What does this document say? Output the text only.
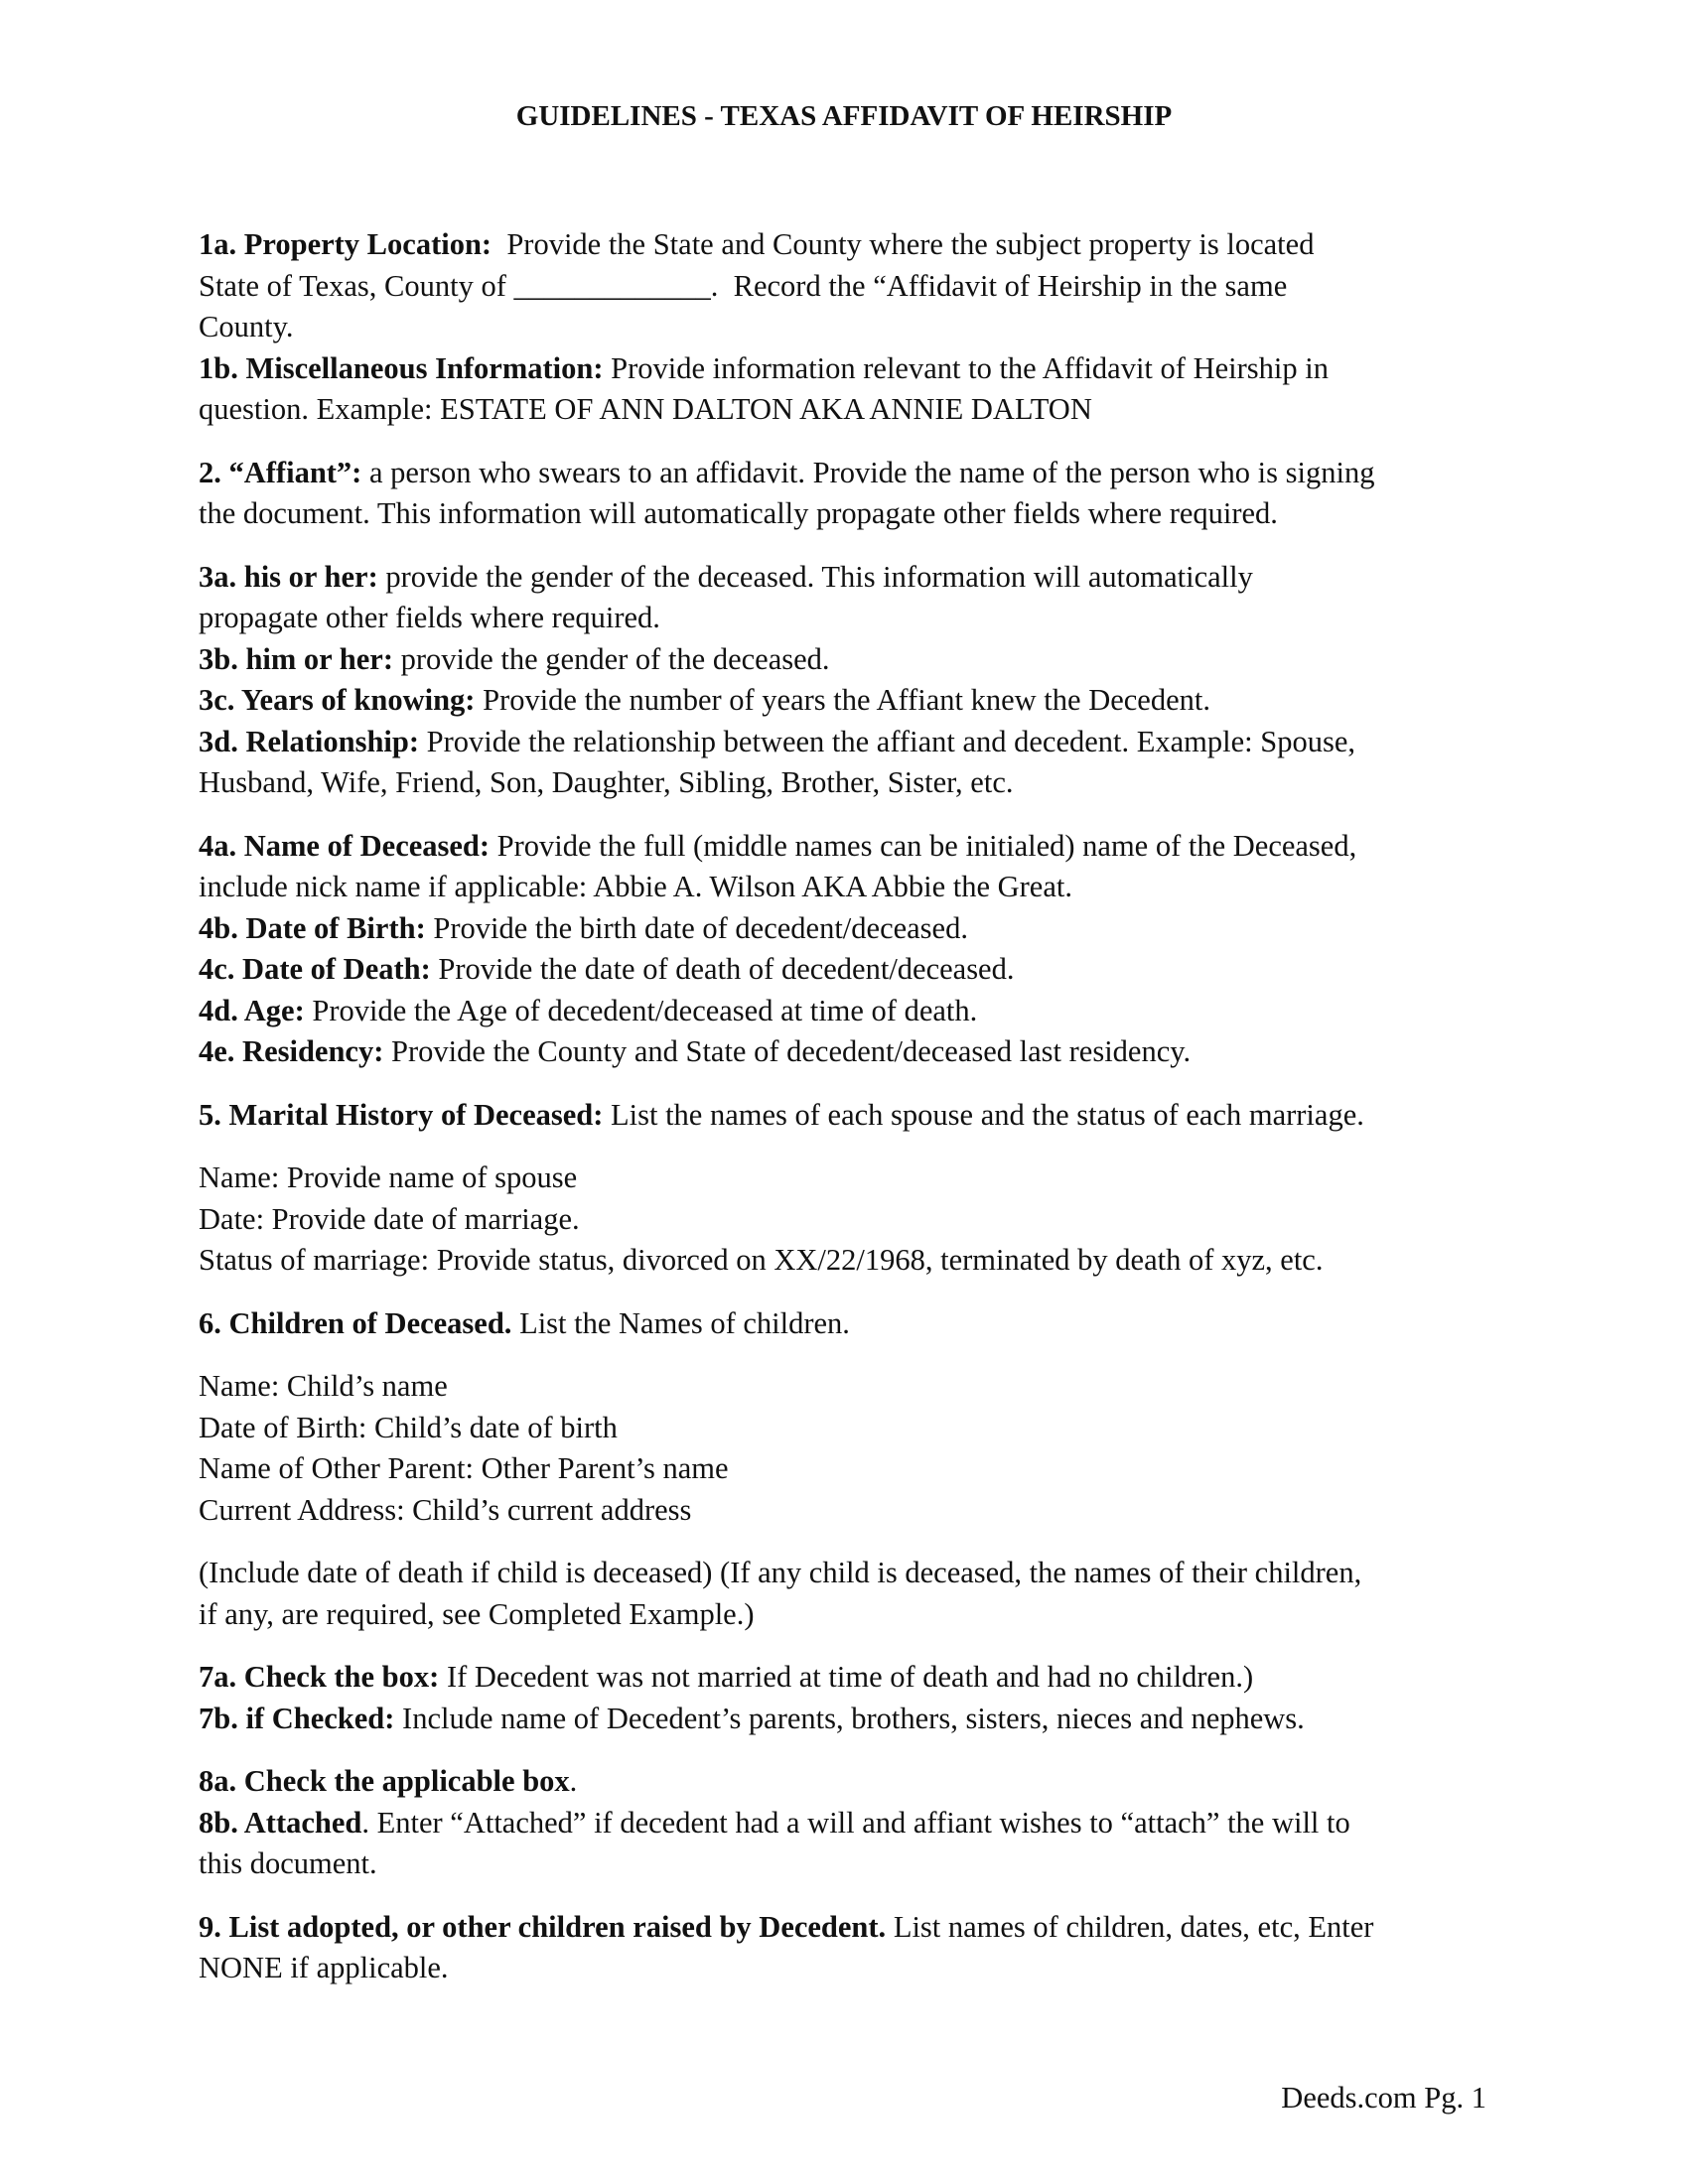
GUIDELINES - TEXAS AFFIDAVIT OF HEIRSHIP
1a. Property Location:  Provide the State and County where the subject property is located
State of Texas, County of _____________.  Record the “Affidavit of Heirship in the same
County.
1b. Miscellaneous Information: Provide information relevant to the Affidavit of Heirship in
question. Example: ESTATE OF ANN DALTON AKA ANNIE DALTON
2. “Affiant”: a person who swears to an affidavit. Provide the name of the person who is signing
the document. This information will automatically propagate other fields where required.
3a. his or her: provide the gender of the deceased. This information will automatically
propagate other fields where required.
3b. him or her: provide the gender of the deceased.
3c. Years of knowing: Provide the number of years the Affiant knew the Decedent.
3d. Relationship: Provide the relationship between the affiant and decedent. Example: Spouse,
Husband, Wife, Friend, Son, Daughter, Sibling, Brother, Sister, etc.
4a. Name of Deceased: Provide the full (middle names can be initialed) name of the Deceased,
include nick name if applicable: Abbie A. Wilson AKA Abbie the Great.
4b. Date of Birth: Provide the birth date of decedent/deceased.
4c. Date of Death: Provide the date of death of decedent/deceased.
4d. Age: Provide the Age of decedent/deceased at time of death.
4e. Residency: Provide the County and State of decedent/deceased last residency.
5. Marital History of Deceased: List the names of each spouse and the status of each marriage.
Name: Provide name of spouse
Date: Provide date of marriage.
Status of marriage: Provide status, divorced on XX/22/1968, terminated by death of xyz, etc.
6. Children of Deceased. List the Names of children.
Name: Child’s name
Date of Birth: Child’s date of birth
Name of Other Parent: Other Parent’s name
Current Address: Child’s current address
(Include date of death if child is deceased) (If any child is deceased, the names of their children,
if any, are required, see Completed Example.)
7a. Check the box: If Decedent was not married at time of death and had no children.)
7b. if Checked: Include name of Decedent’s parents, brothers, sisters, nieces and nephews.
8a. Check the applicable box.
8b. Attached. Enter “Attached” if decedent had a will and affiant wishes to “attach” the will to
this document.
9. List adopted, or other children raised by Decedent. List names of children, dates, etc, Enter
NONE if applicable.
Deeds.com Pg. 1
